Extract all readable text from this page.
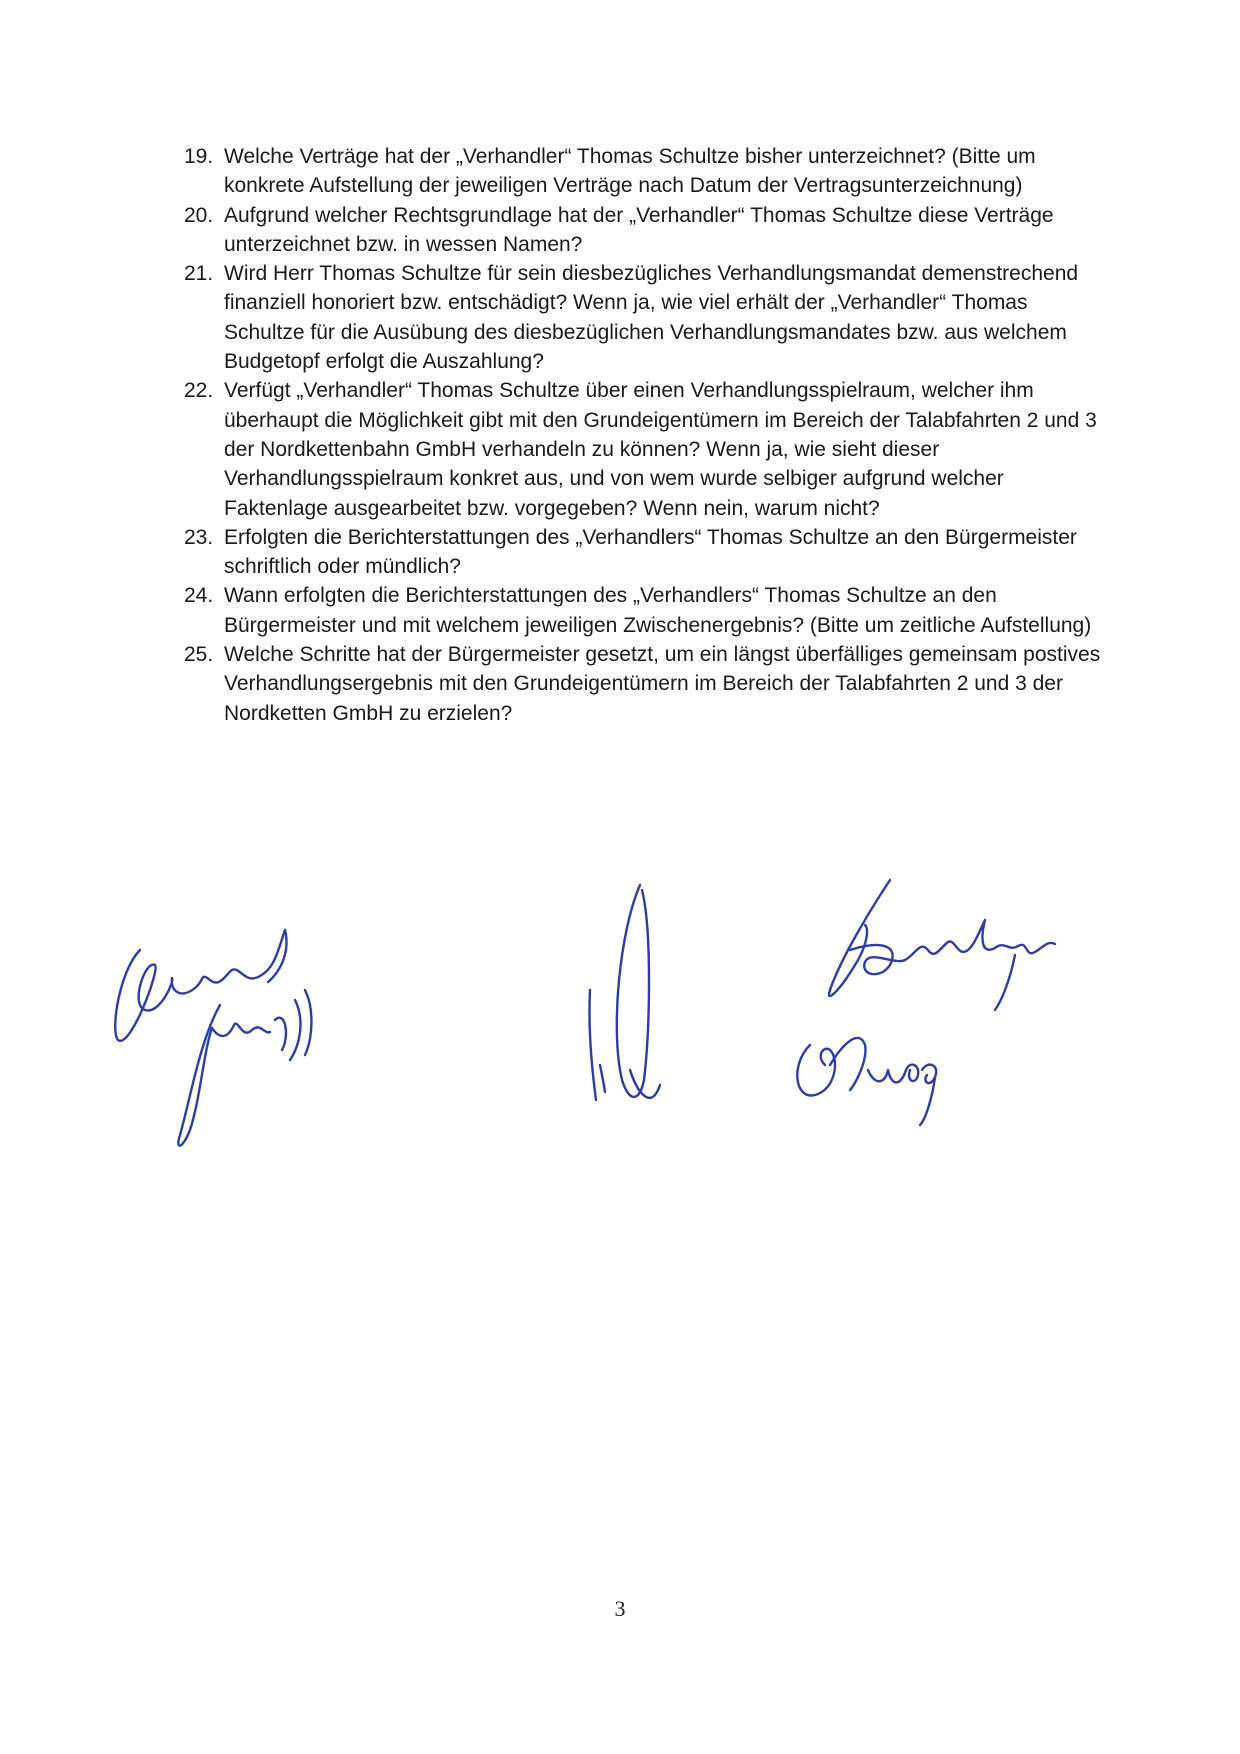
19. Welche Verträge hat der „Verhandler“ Thomas Schultze bisher unterzeichnet? (Bitte um konkrete Aufstellung der jeweiligen Verträge nach Datum der Vertragsunterzeichnung)
20. Aufgrund welcher Rechtsgrundlage hat der „Verhandler“ Thomas Schultze diese Verträge unterzeichnet bzw. in wessen Namen?
21. Wird Herr Thomas Schultze für sein diesbezügliches Verhandlungsmandat demenstrechend finanziell honoriert bzw. entschädigt? Wenn ja, wie viel erhält der „Verhandler“ Thomas Schultze für die Ausübung des diesbezüglichen Verhandlungsmandates bzw. aus welchem Budgetopf erfolgt die Auszahlung?
22. Verfügt „Verhandler“ Thomas Schultze über einen Verhandlungsspielraum, welcher ihm überhaupt die Möglichkeit gibt mit den Grundeigentümern im Bereich der Talabfahrten 2 und 3 der Nordkettenbahn GmbH verhandeln zu können? Wenn ja, wie sieht dieser Verhandlungsspielraum konkret aus, und von wem wurde selbiger aufgrund welcher Faktenlage ausgearbeitet bzw. vorgegeben? Wenn nein, warum nicht?
23. Erfolgten die Berichterstattungen des „Verhandlers“ Thomas Schultze an den Bürgermeister schriftlich oder mündlich?
24. Wann erfolgten die Berichterstattungen des „Verhandlers“ Thomas Schultze an den Bürgermeister und mit welchem jeweiligen Zwischenergebnis? (Bitte um zeitliche Aufstellung)
25. Welche Schritte hat der Bürgermeister gesetzt, um ein längst überfälliges gemeinsam postives Verhandlungsergebnis mit den Grundeigentümern im Bereich der Talabfahrten 2 und 3 der Nordketten GmbH zu erzielen?
3
